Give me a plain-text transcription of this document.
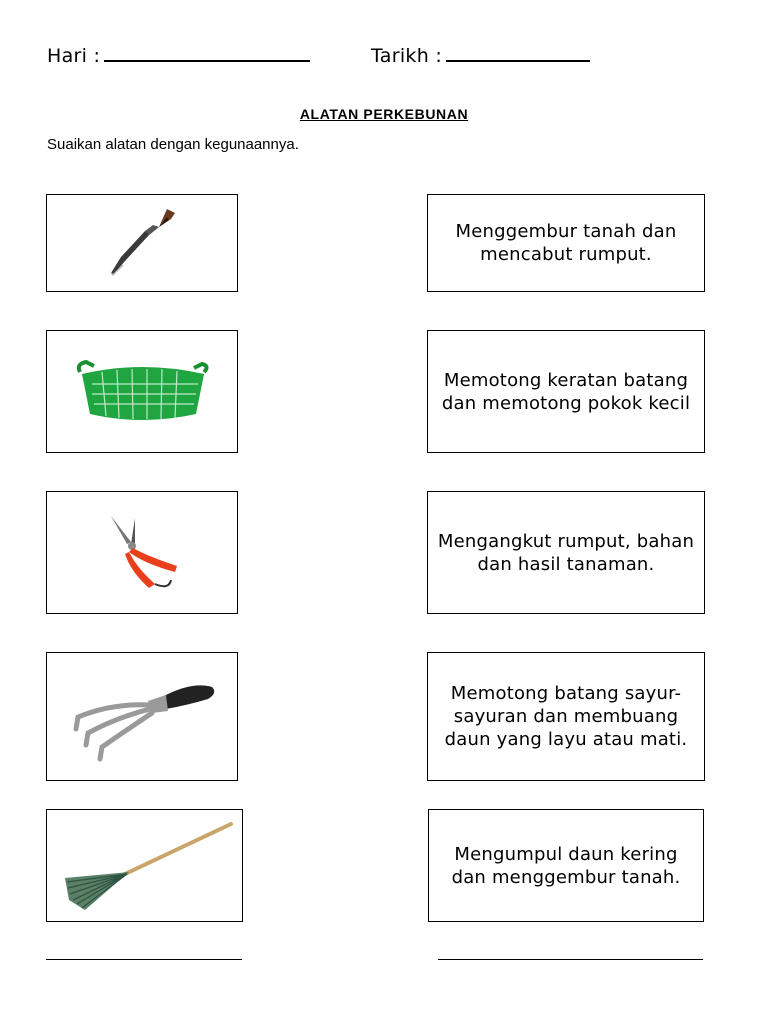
Hari :	Tarikh :
ALATAN PERKEBUNAN
Suaikan alatan dengan kegunaannya.
Menggembur tanah dan mencabut rumput.
Memotong keratan batang dan memotong pokok kecil
Mengangkut rumput, bahan dan hasil tanaman.
Memotong batang sayur-sayuran dan membuang daun yang layu atau mati.
Mengumpul daun kering dan menggembur tanah.
